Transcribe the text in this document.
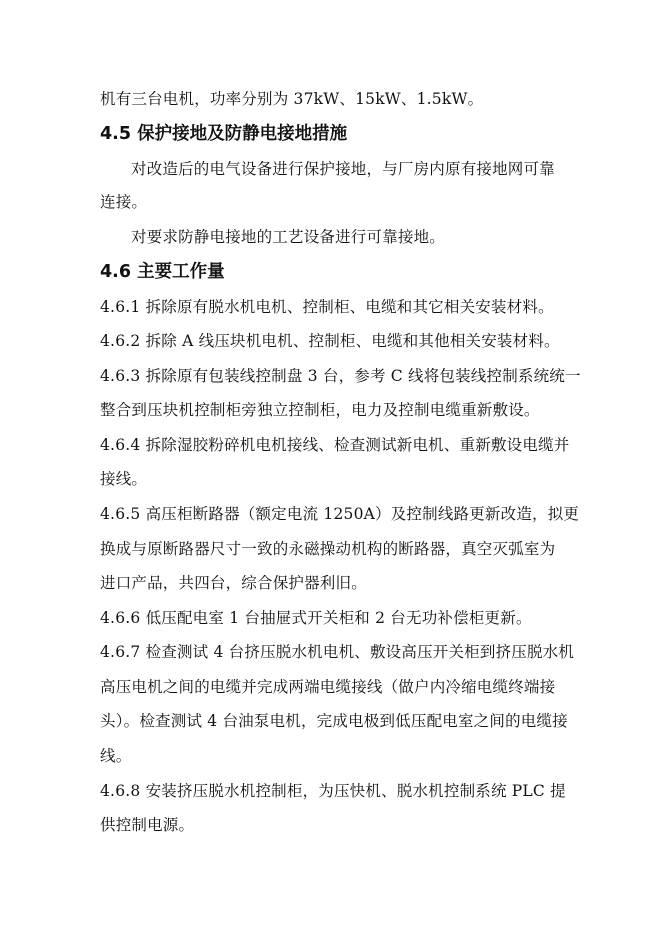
机有三台电机，功率分别为 37kW、15kW、1.5kW。
4.5 保护接地及防静电接地措施
对改造后的电气设备进行保护接地，与厂房内原有接地网可靠
连接。
对要求防静电接地的工艺设备进行可靠接地。
4.6 主要工作量
4.6.1 拆除原有脱水机电机、控制柜、电缆和其它相关安装材料。
4.6.2 拆除 A 线压块机电机、控制柜、电缆和其他相关安装材料。
4.6.3 拆除原有包装线控制盘 3 台，参考 C 线将包装线控制系统统一
整合到压块机控制柜旁独立控制柜，电力及控制电缆重新敷设。
4.6.4 拆除湿胶粉碎机电机接线、检查测试新电机、重新敷设电缆并
接线。
4.6.5 高压柜断路器（额定电流 1250A）及控制线路更新改造，拟更
换成与原断路器尺寸一致的永磁操动机构的断路器，真空灭弧室为
进口产品，共四台，综合保护器利旧。
4.6.6 低压配电室 1 台抽屉式开关柜和 2 台无功补偿柜更新。
4.6.7 检查测试 4 台挤压脱水机电机、敷设高压开关柜到挤压脱水机
高压电机之间的电缆并完成两端电缆接线（做户内冷缩电缆终端接
头）。检查测试 4 台油泵电机，完成电极到低压配电室之间的电缆接
线。
4.6.8 安装挤压脱水机控制柜，为压快机、脱水机控制系统 PLC 提
供控制电源。
